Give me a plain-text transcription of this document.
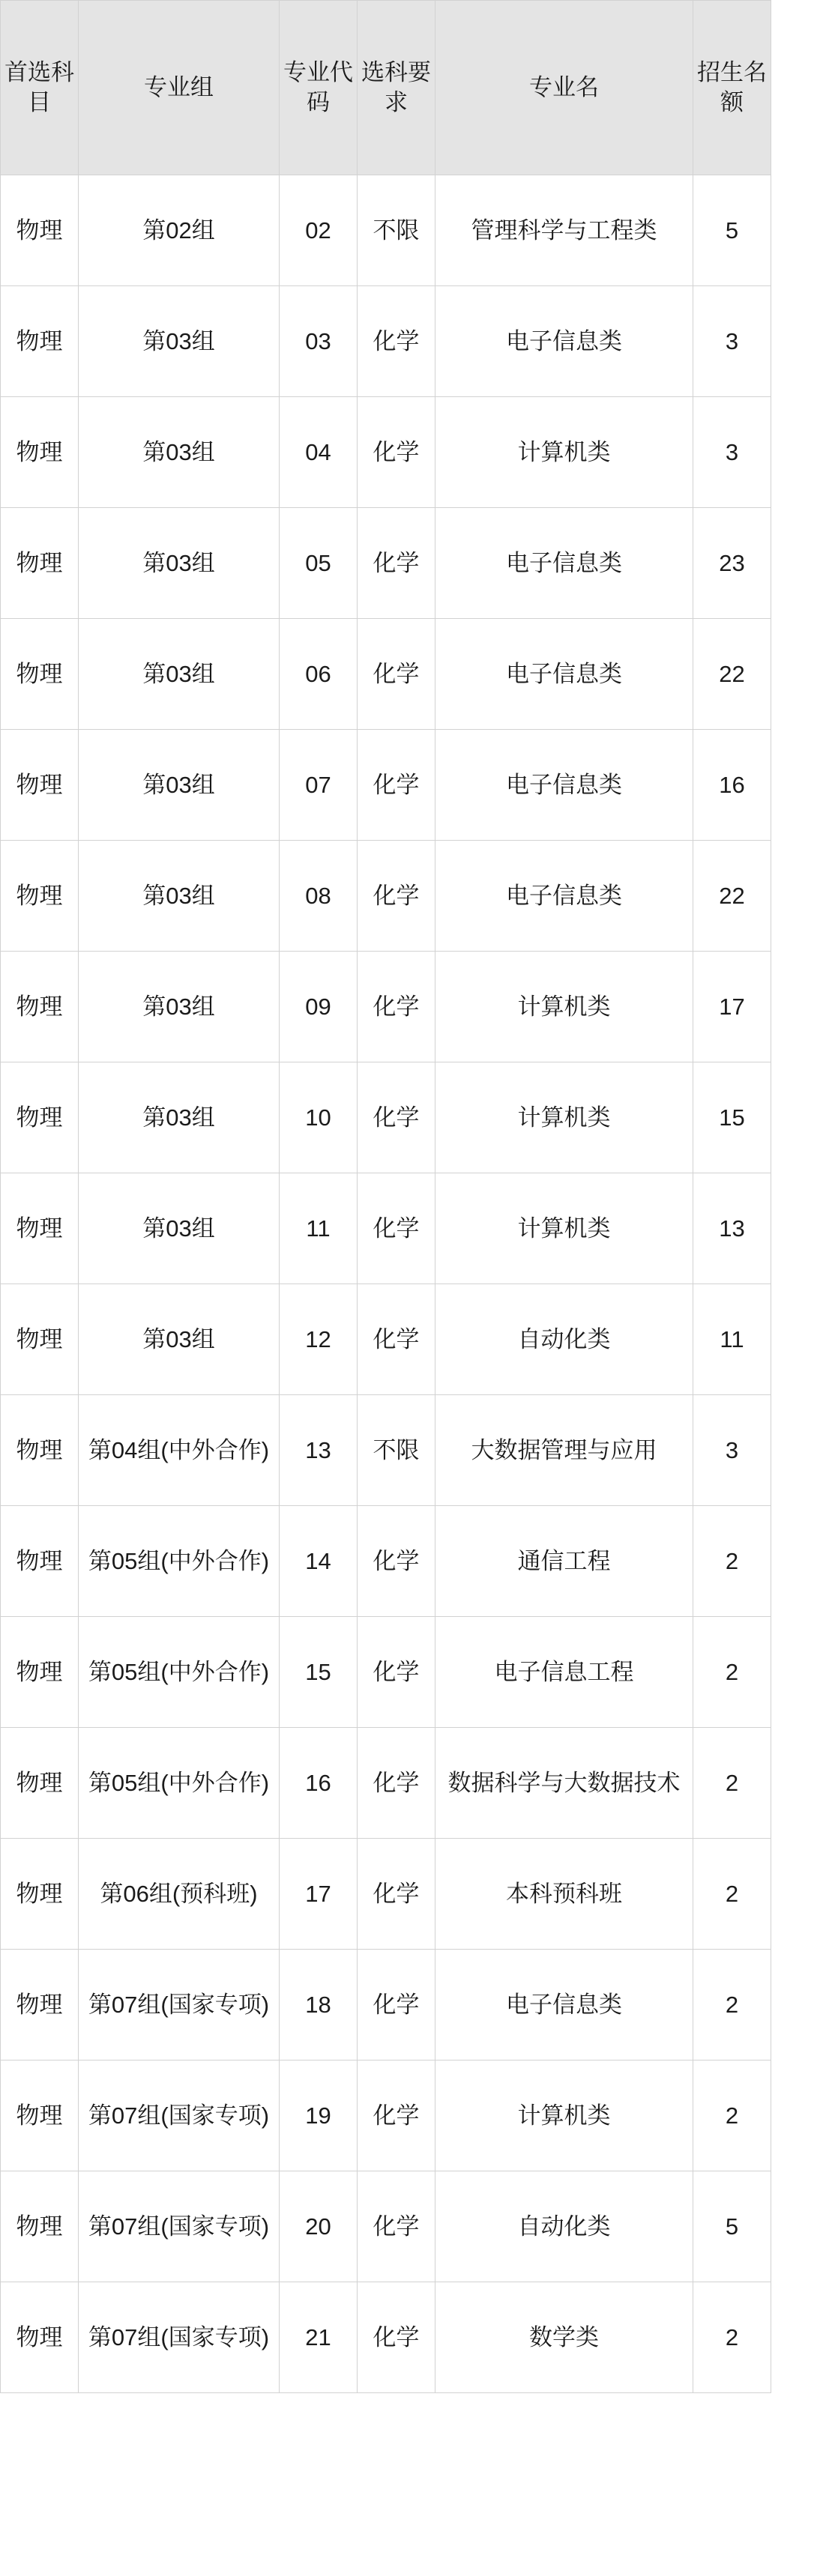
首选科目	专业组	专业代码	选科要求	专业名	招生名额
物理	第02组	02	不限	管理科学与工程类	5
物理	第03组	03	化学	电子信息类	3
物理	第03组	04	化学	计算机类	3
物理	第03组	05	化学	电子信息类	23
物理	第03组	06	化学	电子信息类	22
物理	第03组	07	化学	电子信息类	16
物理	第03组	08	化学	电子信息类	22
物理	第03组	09	化学	计算机类	17
物理	第03组	10	化学	计算机类	15
物理	第03组	11	化学	计算机类	13
物理	第03组	12	化学	自动化类	11
物理	第04组(中外合作)	13	不限	大数据管理与应用	3
物理	第05组(中外合作)	14	化学	通信工程	2
物理	第05组(中外合作)	15	化学	电子信息工程	2
物理	第05组(中外合作)	16	化学	数据科学与大数据技术	2
物理	第06组(预科班)	17	化学	本科预科班	2
物理	第07组(国家专项)	18	化学	电子信息类	2
物理	第07组(国家专项)	19	化学	计算机类	2
物理	第07组(国家专项)	20	化学	自动化类	5
物理	第07组(国家专项)	21	化学	数学类	2
